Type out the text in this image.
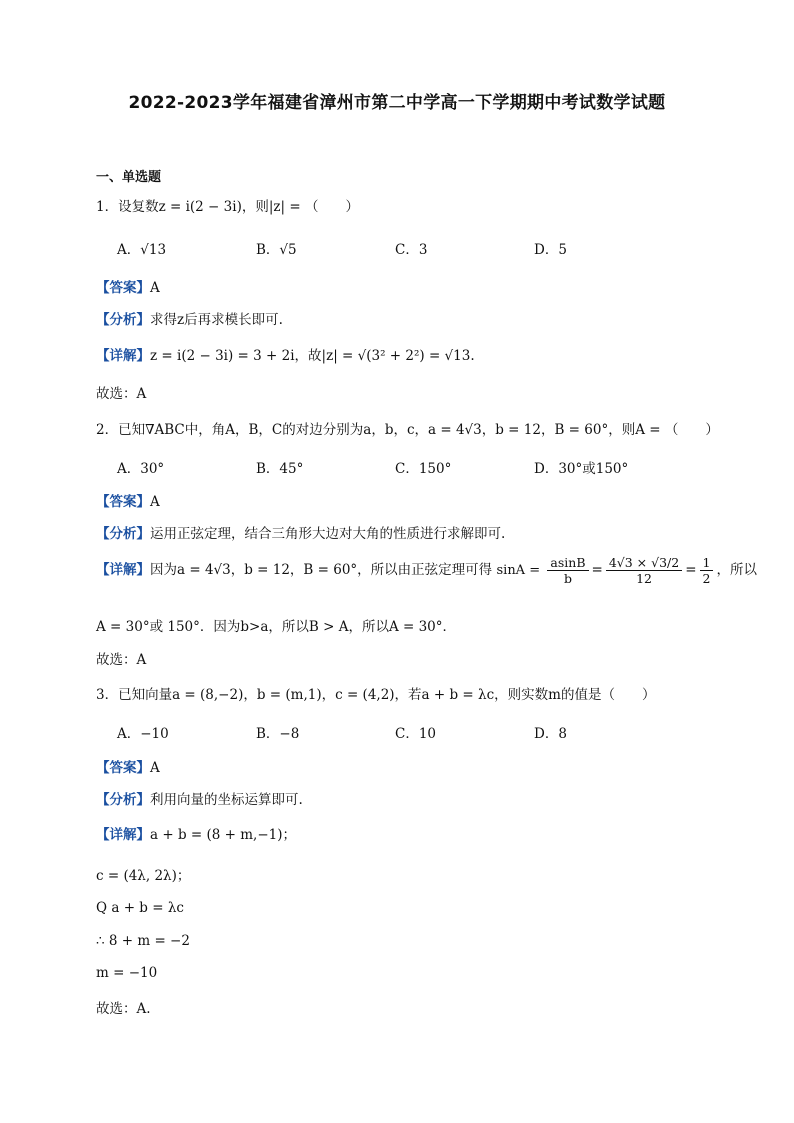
2022-2023学年福建省漳州市第二中学高一下学期期中考试数学试题
一、单选题
1．设复数z = i(2 − 3i)，则|z| = （　　）
A．√13	B．√5	C．3	D．5
【答案】A
【分析】求得z后再求模长即可.
【详解】z = i(2 − 3i) = 3 + 2i，故|z| = √(3² + 2²) = √13.
故选：A
2．已知∇ABC中，角A，B，C的对边分别为a，b，c，a = 4√3，b = 12，B = 60°，则A = （　　）
A．30°	B．45°	C．150°	D．30°或150°
【答案】A
【分析】运用正弦定理，结合三角形大边对大角的性质进行求解即可.
【详解】因为a = 4√3，b = 12，B = 60°，所以由正弦定理可得 $\sin A = \frac{asinB}{b} = \frac{4√3 \times √3/2}{12} = \frac{1}{2}$ ，所以
A = 30°或 150°．因为b>a，所以B > A，所以A = 30°．
故选：A
3．已知向量a = (8,−2)，b = (m,1)，c = (4,2)，若a + b = λc，则实数m的值是（　　）
A．−10	B．−8	C．10	D．8
【答案】A
【分析】利用向量的坐标运算即可.
【详解】a + b = (8 + m,−1)；
c = (4λ, 2λ)；
Q a + b = λc
∴ 8 + m = −2
m = −10
故选：A.
